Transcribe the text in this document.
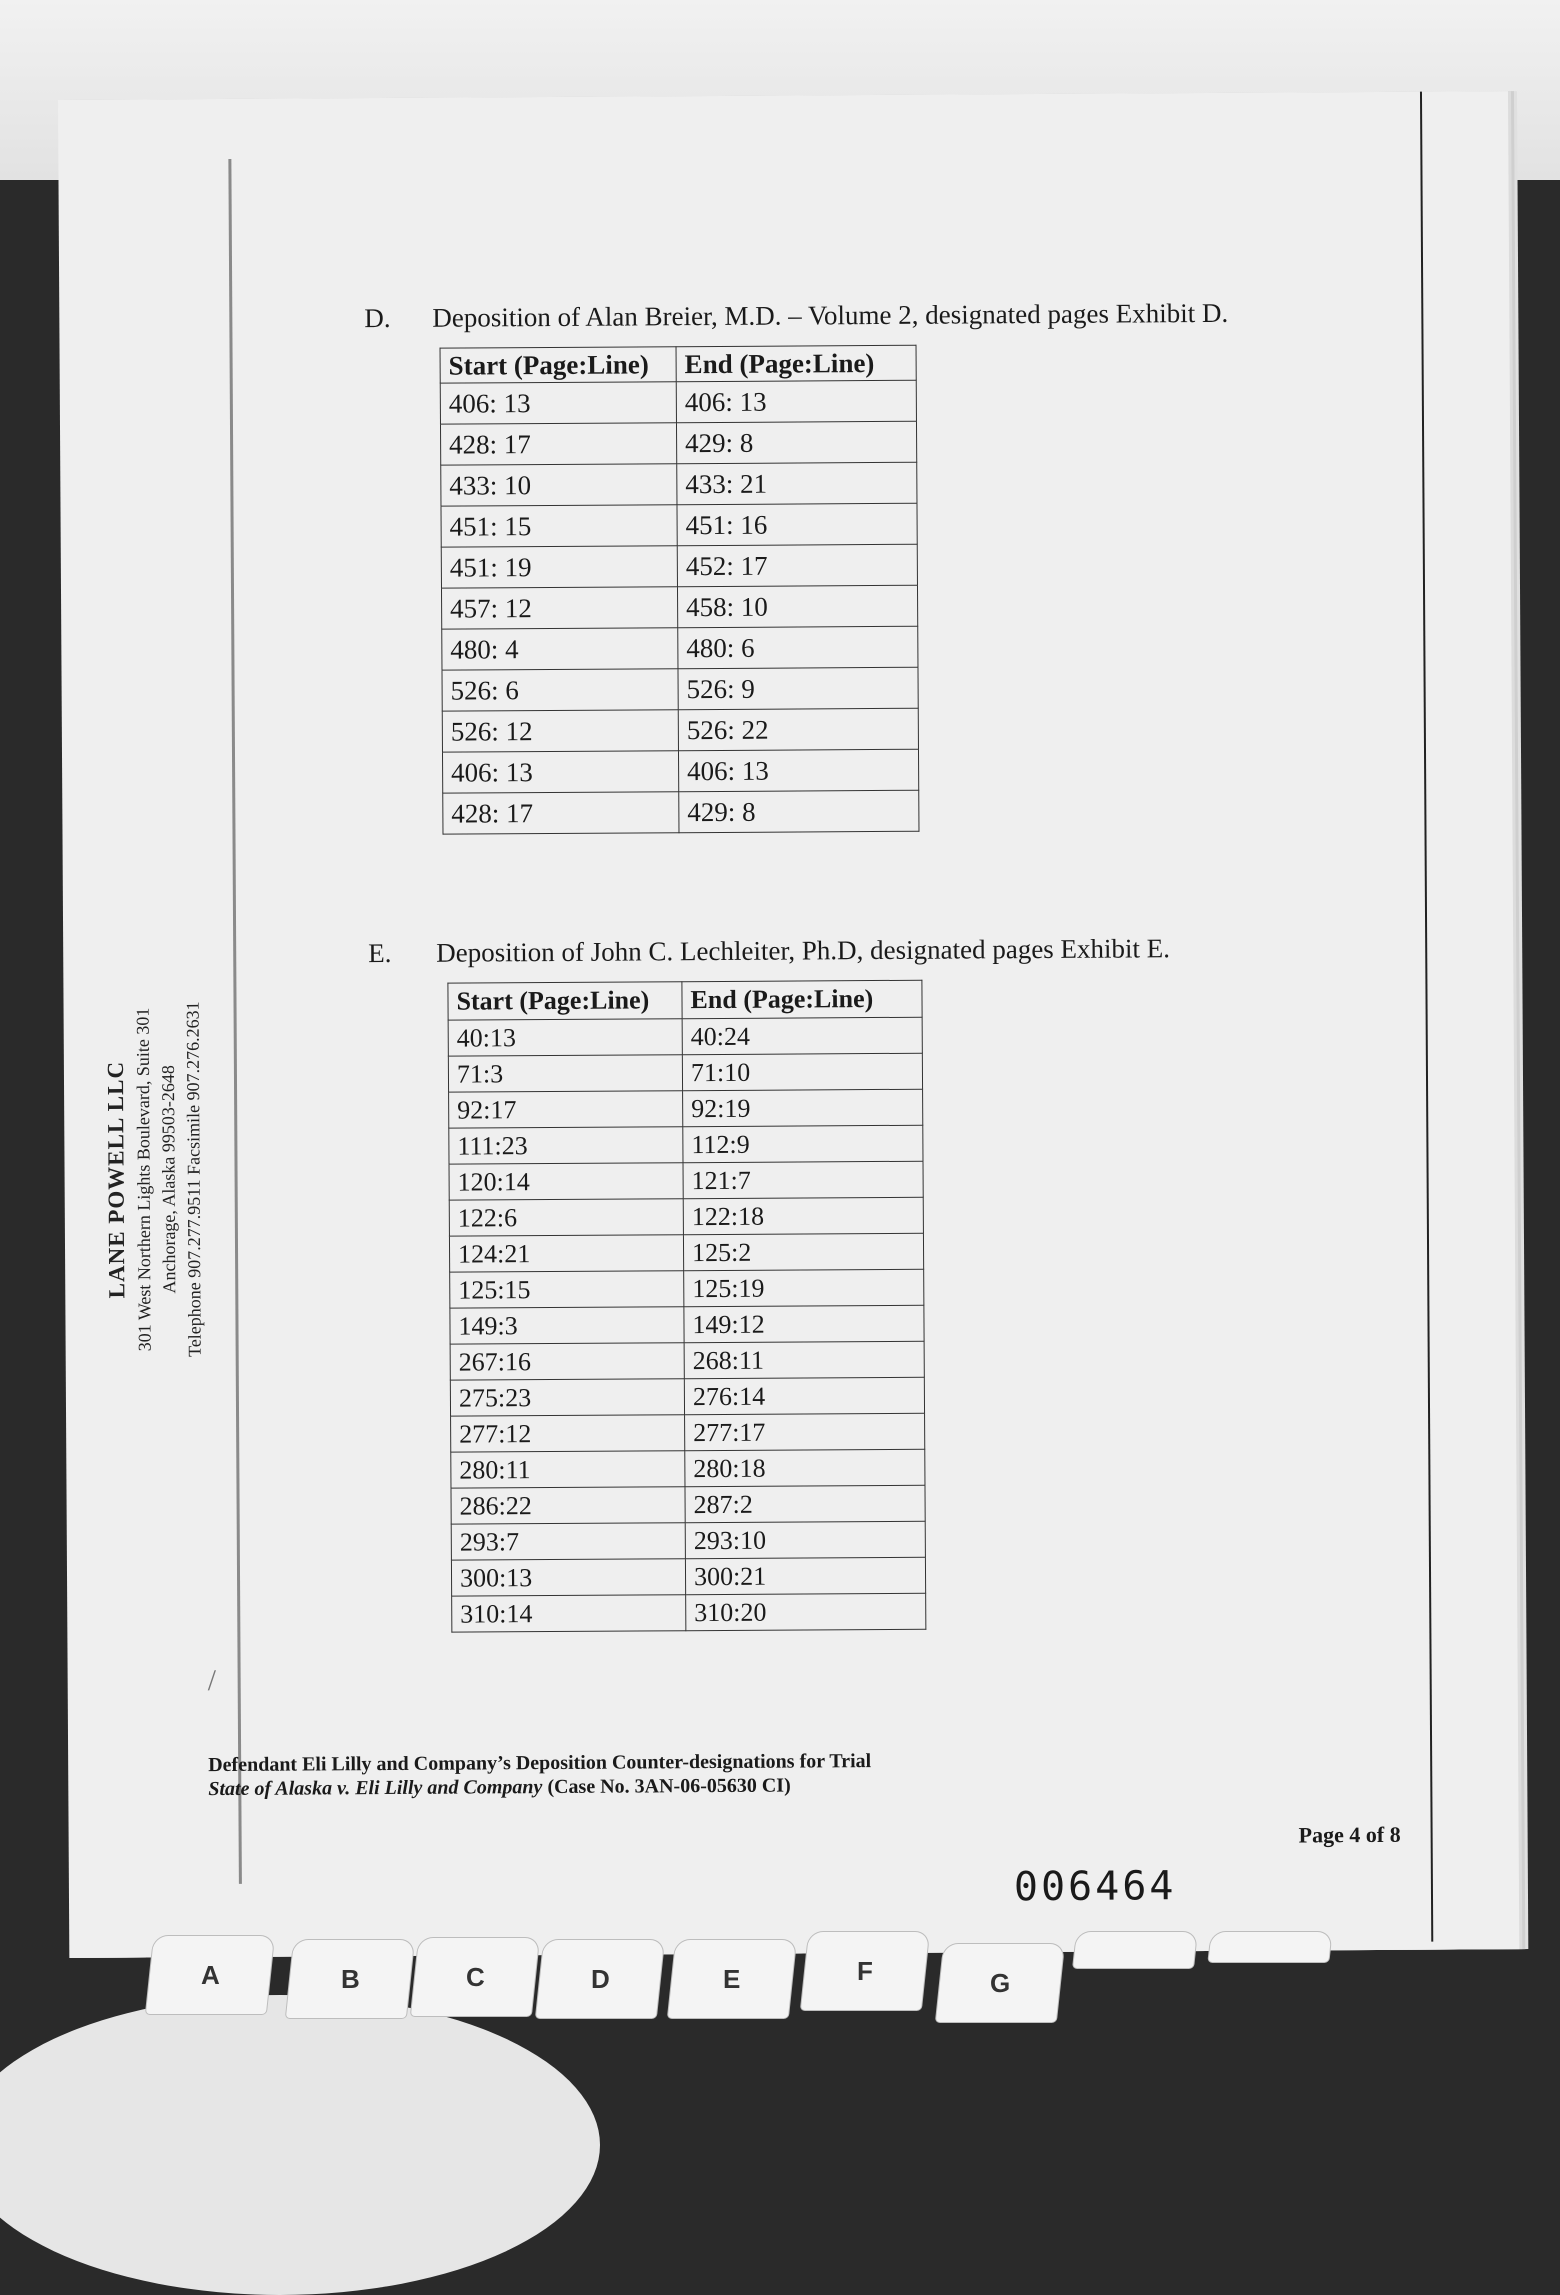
LANE POWELL LLC 301 West Northern Lights Boulevard, Suite 301 Anchorage, Alaska 99503-2648 Telephone 907.277.9511 Facsimile 907.276.2631
D. Deposition of Alan Breier, M.D. – Volume 2, designated pages Exhibit D.
Start (Page:Line)	End (Page:Line)
406: 13	406: 13
428: 17	429: 8
433: 10	433: 21
451: 15	451: 16
451: 19	452: 17
457: 12	458: 10
480: 4	480: 6
526: 6	526: 9
526: 12	526: 22
406: 13	406: 13
428: 17	429: 8
E. Deposition of John C. Lechleiter, Ph.D, designated pages Exhibit E.
Start (Page:Line)	End (Page:Line)
40:13	40:24
71:3	71:10
92:17	92:19
111:23	112:9
120:14	121:7
122:6	122:18
124:21	125:2
125:15	125:19
149:3	149:12
267:16	268:11
275:23	276:14
277:12	277:17
280:11	280:18
286:22	287:2
293:7	293:10
300:13	300:21
310:14	310:20
/
Defendant Eli Lilly and Company’s Deposition Counter-designations for Trial
State of Alaska v. Eli Lilly and Company (Case No. 3AN-06-05630 CI)
Page 4 of 8
006464
A	B	C	D	E	F	G
